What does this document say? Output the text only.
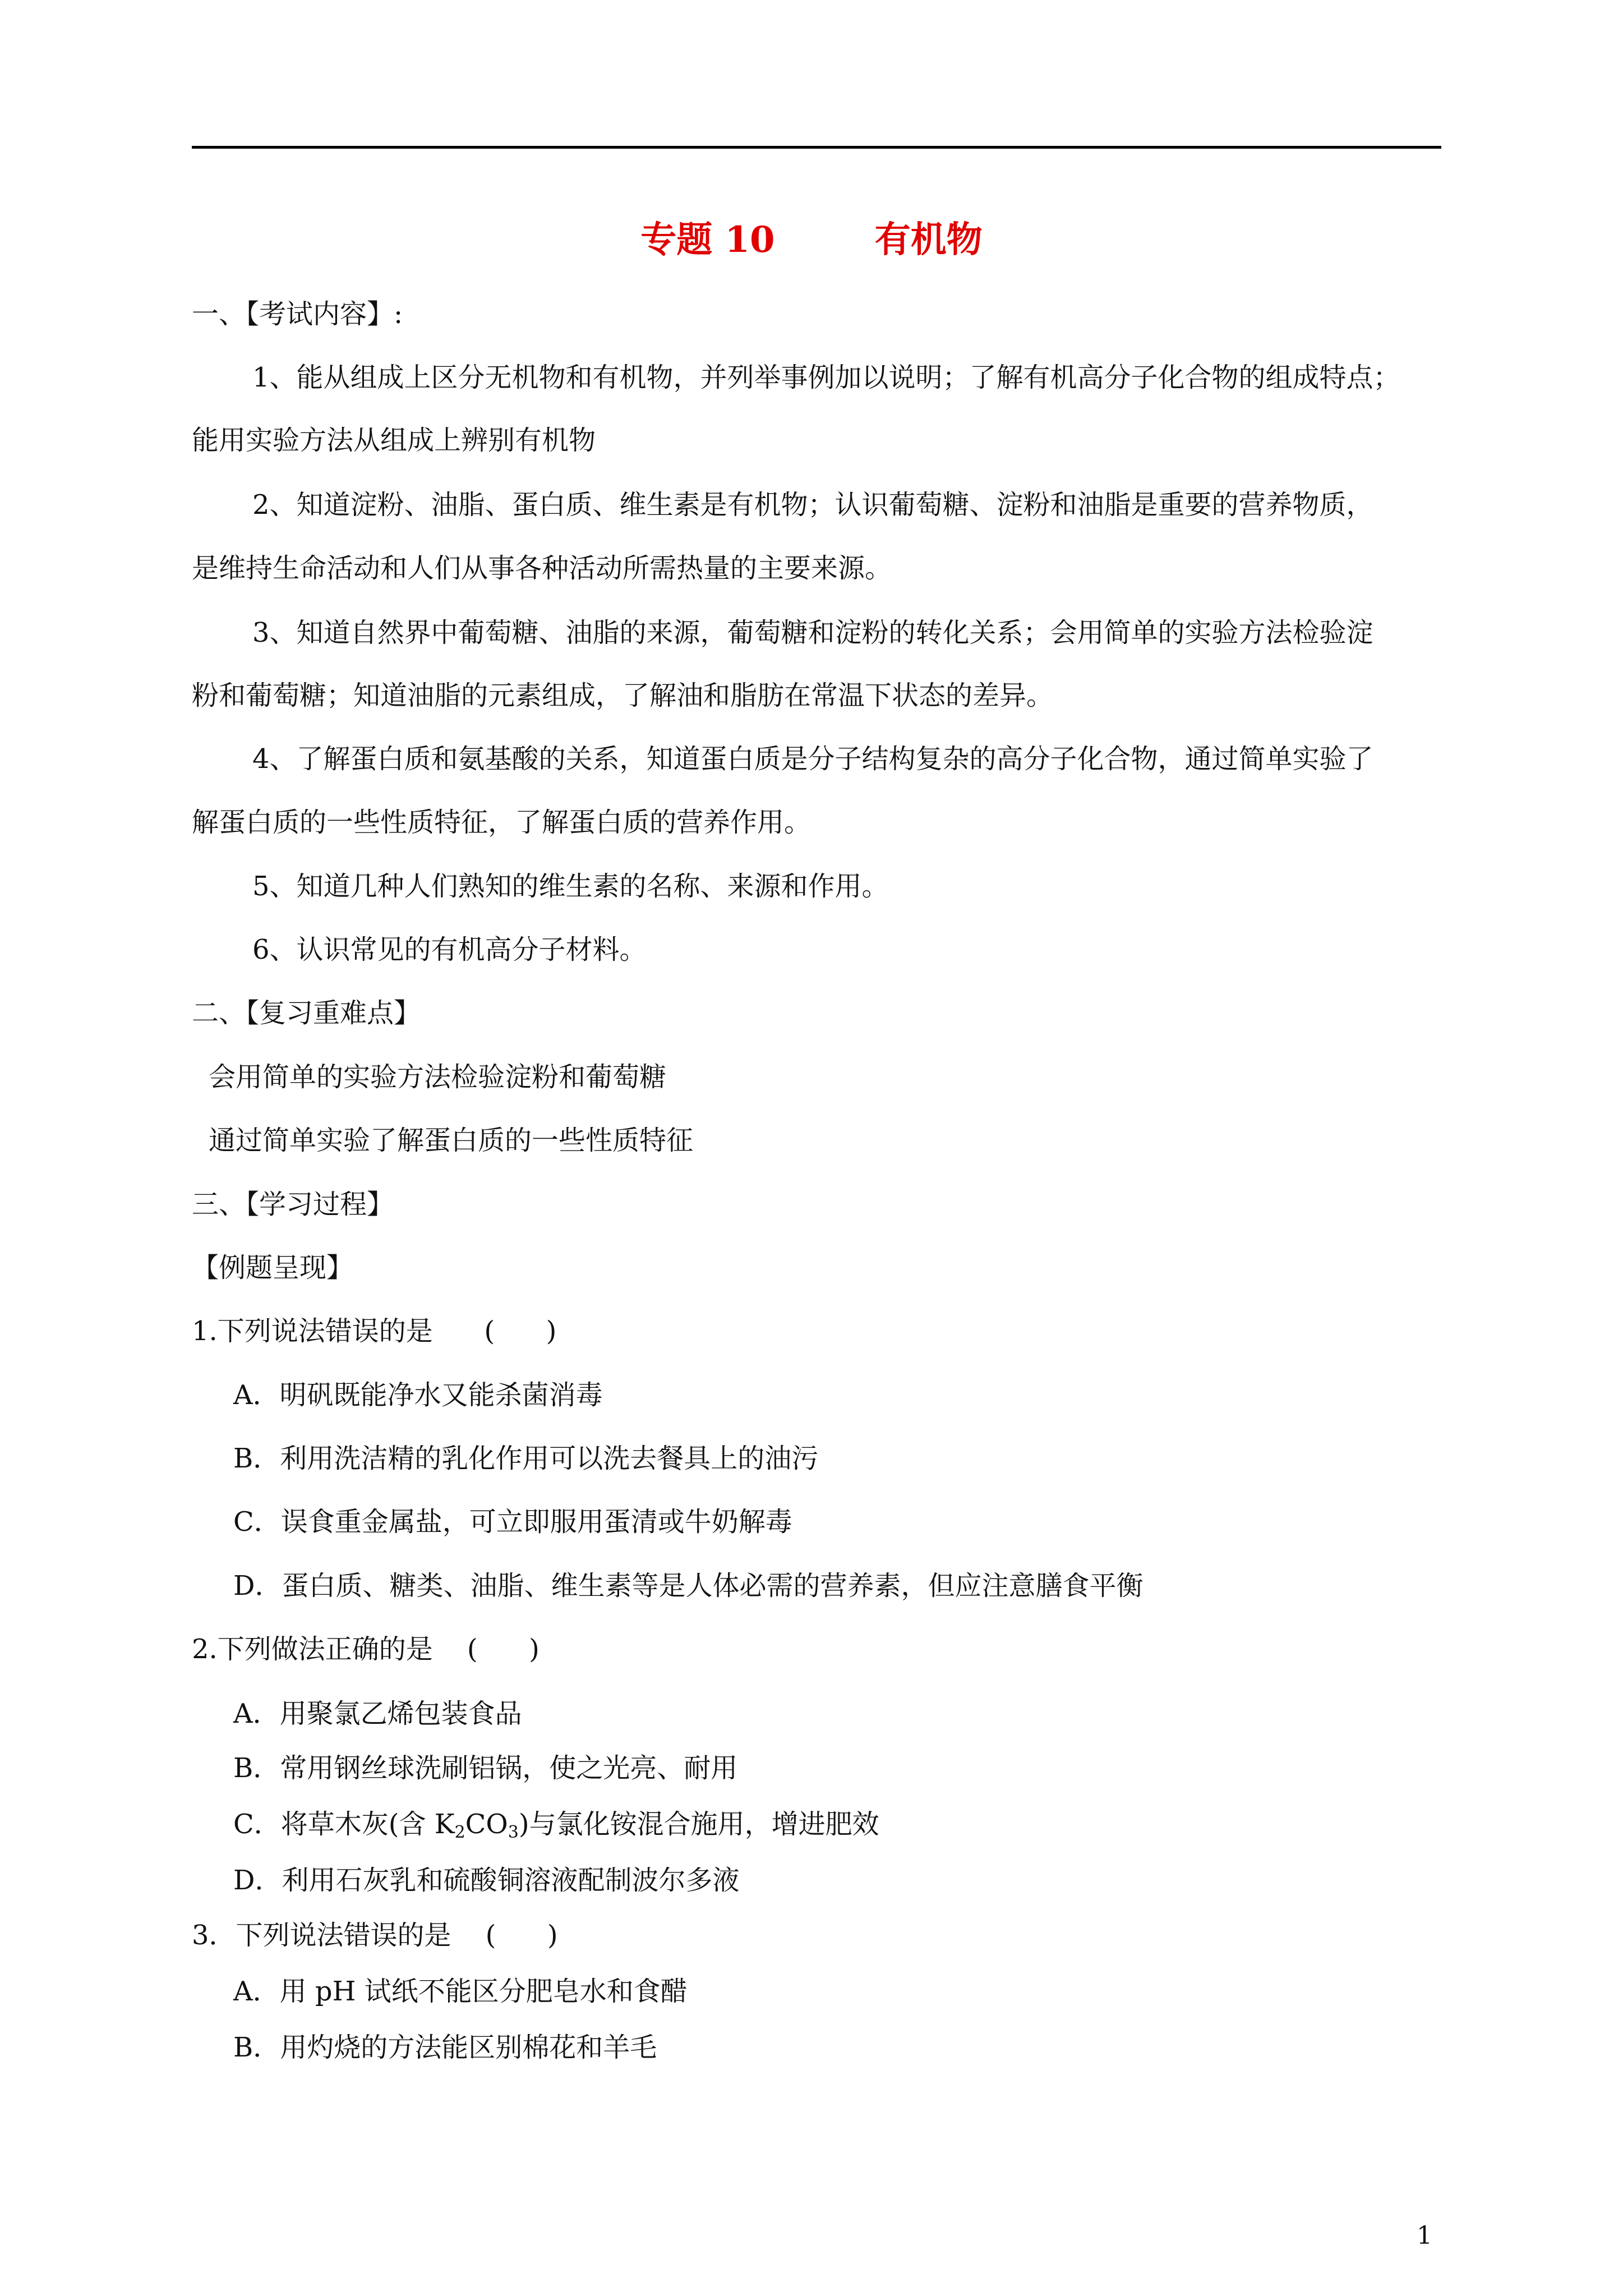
专题 10        有机物
一、【考试内容】:
1、能从组成上区分无机物和有机物，并列举事例加以说明；了解有机高分子化合物的组成特点；
能用实验方法从组成上辨别有机物
2、知道淀粉、油脂、蛋白质、维生素是有机物；认识葡萄糖、淀粉和油脂是重要的营养物质，
是维持生命活动和人们从事各种活动所需热量的主要来源。
3、知道自然界中葡萄糖、油脂的来源，葡萄糖和淀粉的转化关系；会用简单的实验方法检验淀
粉和葡萄糖；知道油脂的元素组成，了解油和脂肪在常温下状态的差异。
4、了解蛋白质和氨基酸的关系，知道蛋白质是分子结构复杂的高分子化合物，通过简单实验了
解蛋白质的一些性质特征，了解蛋白质的营养作用。
5、知道几种人们熟知的维生素的名称、来源和作用。
6、认识常见的有机高分子材料。
二、【复习重难点】
会用简单的实验方法检验淀粉和葡萄糖
通过简单实验了解蛋白质的一些性质特征
三、【学习过程】
【例题呈现】
1.下列说法错误的是      (      )
A．明矾既能净水又能杀菌消毒
B．利用洗洁精的乳化作用可以洗去餐具上的油污
C．误食重金属盐，可立即服用蛋清或牛奶解毒
D．蛋白质、糖类、油脂、维生素等是人体必需的营养素，但应注意膳食平衡
2.下列做法正确的是    (      )
A．用聚氯乙烯包装食品
B．常用钢丝球洗刷铝锅，使之光亮、耐用
C．将草木灰(含 $K_2CO_3$)与氯化铵混合施用，增进肥效
D．利用石灰乳和硫酸铜溶液配制波尔多液
3．下列说法错误的是    (      )
A．用 pH 试纸不能区分肥皂水和食醋
B．用灼烧的方法能区别棉花和羊毛
1
